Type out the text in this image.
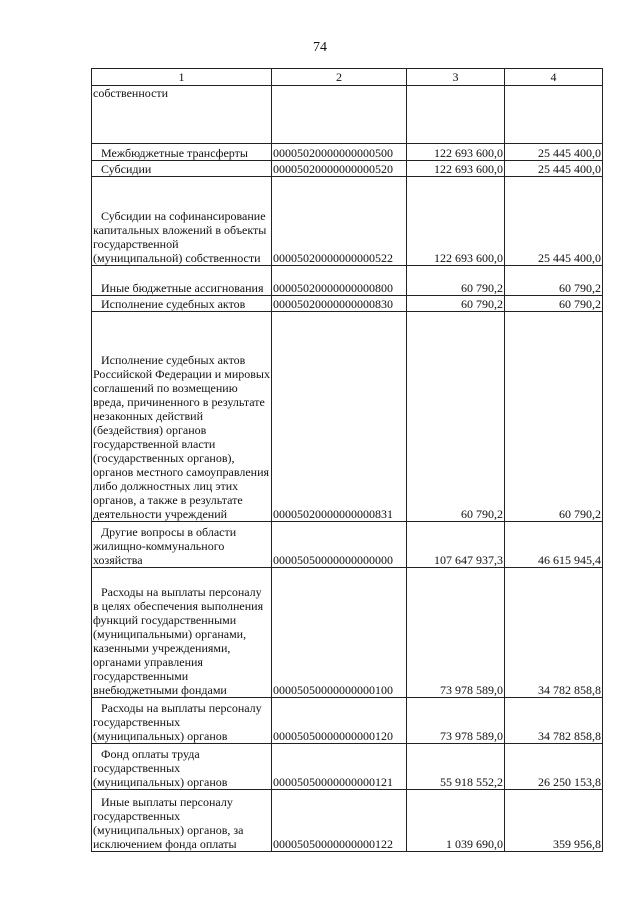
74
1	2	3	4
собственности			
Межбюджетные трансферты	00005020000000000500	122 693 600,0	25 445 400,0
Субсидии	00005020000000000520	122 693 600,0	25 445 400,0
Субсидии на софинансирование капитальных вложений в объекты государственной (муниципальной) собственности	00005020000000000522	122 693 600,0	25 445 400,0
Иные бюджетные ассигнования	00005020000000000800	60 790,2	60 790,2
Исполнение судебных актов	00005020000000000830	60 790,2	60 790,2
Исполнение судебных актов Российской Федерации и мировых соглашений по возмещению вреда, причиненного в результате незаконных действий (бездействия) органов государственной власти (государственных органов), органов местного самоуправления либо должностных лиц этих органов, а также в результате деятельности учреждений	00005020000000000831	60 790,2	60 790,2
Другие вопросы в области жилищно-коммунального хозяйства	00005050000000000000	107 647 937,3	46 615 945,4
Расходы на выплаты персоналу в целях обеспечения выполнения функций государственными (муниципальными) органами, казенными учреждениями, органами управления государственными внебюджетными фондами	00005050000000000100	73 978 589,0	34 782 858,8
Расходы на выплаты персоналу государственных (муниципальных) органов	00005050000000000120	73 978 589,0	34 782 858,8
Фонд оплаты труда государственных (муниципальных) органов	00005050000000000121	55 918 552,2	26 250 153,8
Иные выплаты персоналу государственных (муниципальных) органов, за исключением фонда оплаты	00005050000000000122	1 039 690,0	359 956,8
